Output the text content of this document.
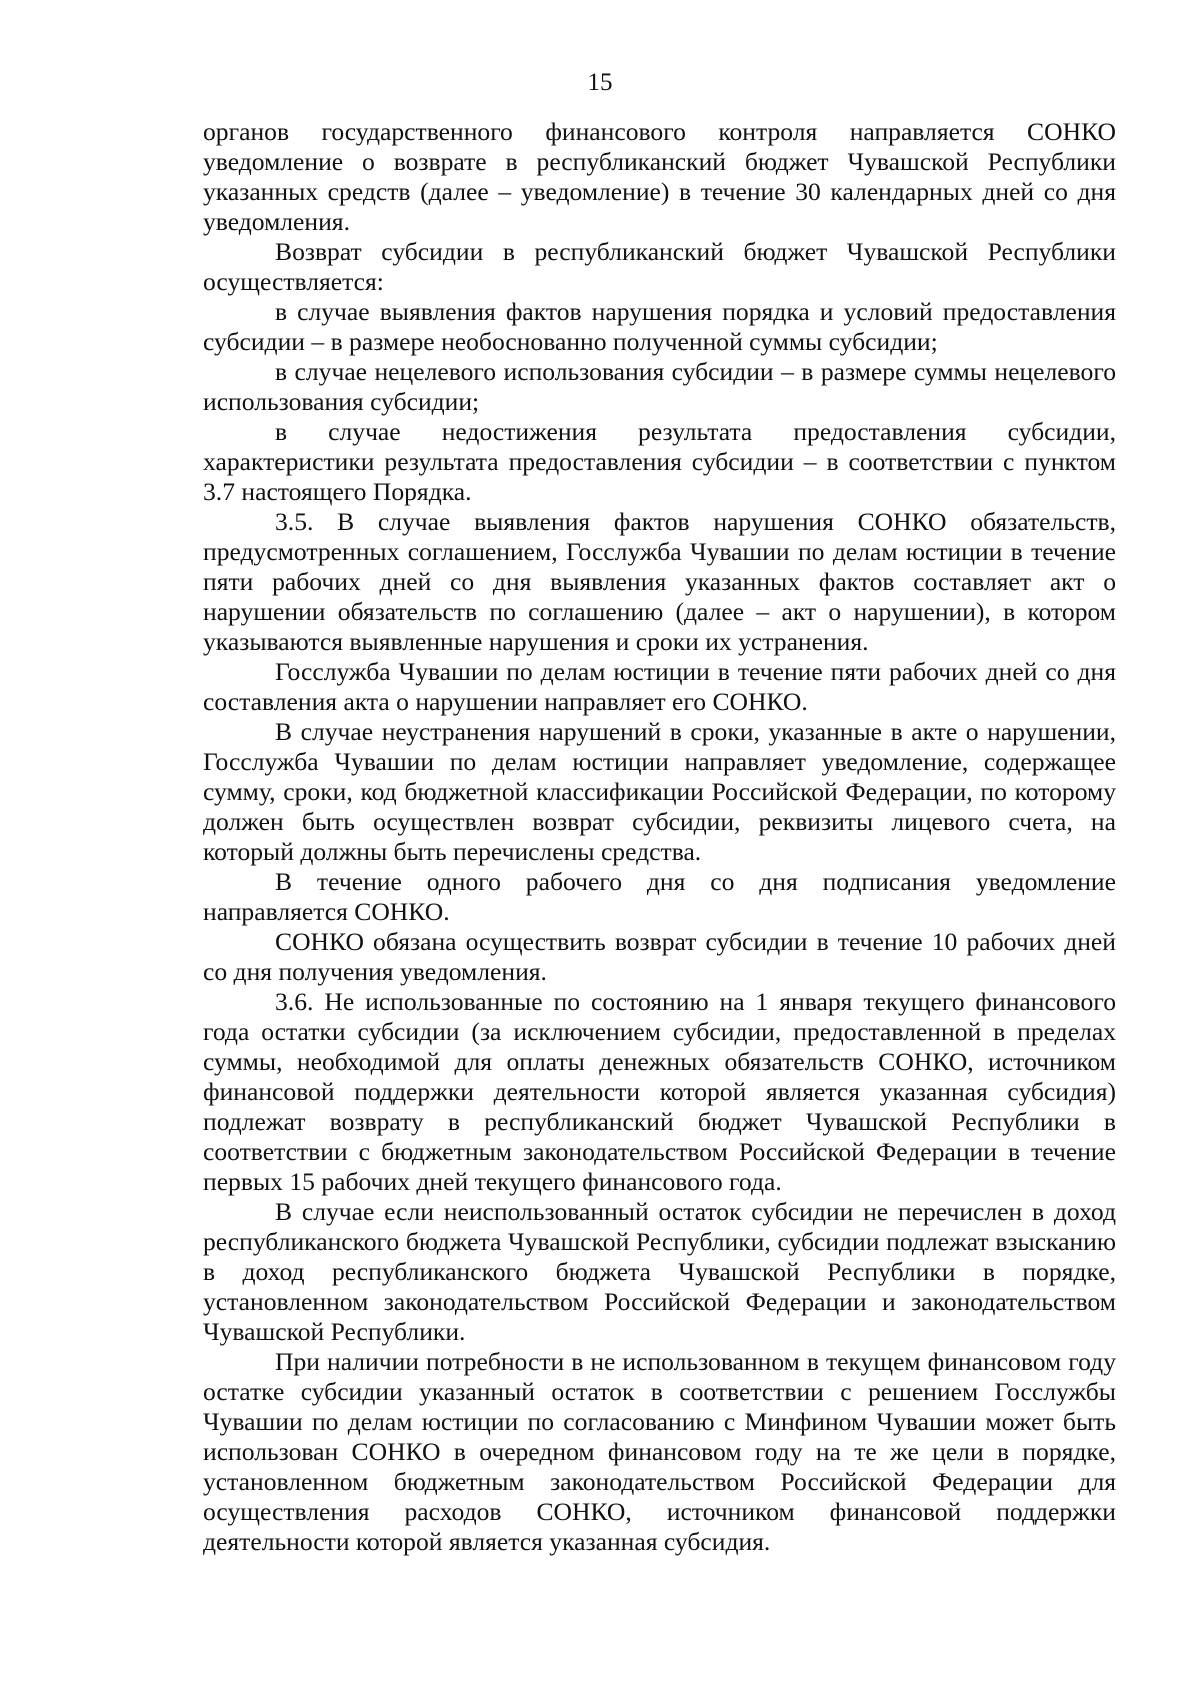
15

органов государственного финансового контроля направляется СОНКО уведомление о возврате в республиканский бюджет Чувашской Республики указанных средств (далее – уведомление) в течение 30 календарных дней со дня уведомления.

Возврат субсидии в республиканский бюджет Чувашской Республики осуществляется:

в случае выявления фактов нарушения порядка и условий предоставления субсидии – в размере необоснованно полученной суммы субсидии;

в случае нецелевого использования субсидии – в размере суммы нецелевого использования субсидии;

в случае недостижения результата предоставления субсидии, характеристики результата предоставления субсидии – в соответствии с пунктом 3.7 настоящего Порядка.

3.5. В случае выявления фактов нарушения СОНКО обязательств, предусмотренных соглашением, Госслужба Чувашии по делам юстиции в течение пяти рабочих дней со дня выявления указанных фактов составляет акт о нарушении обязательств по соглашению (далее – акт о нарушении), в котором указываются выявленные нарушения и сроки их устранения.

Госслужба Чувашии по делам юстиции в течение пяти рабочих дней со дня составления акта о нарушении направляет его СОНКО.

В случае неустранения нарушений в сроки, указанные в акте о нарушении, Госслужба Чувашии по делам юстиции направляет уведомление, содержащее сумму, сроки, код бюджетной классификации Российской Федерации, по которому должен быть осуществлен возврат субсидии, реквизиты лицевого счета, на который должны быть перечислены средства.

В течение одного рабочего дня со дня подписания уведомление направляется СОНКО.

СОНКО обязана осуществить возврат субсидии в течение 10 рабочих дней со дня получения уведомления.

3.6. Не использованные по состоянию на 1 января текущего финансового года остатки субсидии (за исключением субсидии, предоставленной в пределах суммы, необходимой для оплаты денежных обязательств СОНКО, источником финансовой поддержки деятельности которой является указанная субсидия) подлежат возврату в республиканский бюджет Чувашской Республики в соответствии с бюджетным законодательством Российской Федерации в течение первых 15 рабочих дней текущего финансового года.

В случае если неиспользованный остаток субсидии не перечислен в доход республиканского бюджета Чувашской Республики, субсидии подлежат взысканию в доход республиканского бюджета Чувашской Республики в порядке, установленном законодательством Российской Федерации и законодательством Чувашской Республики.

При наличии потребности в не использованном в текущем финансовом году остатке субсидии указанный остаток в соответствии с решением Госслужбы Чувашии по делам юстиции по согласованию с Минфином Чувашии может быть использован СОНКО в очередном финансовом году на те же цели в порядке, установленном бюджетным законодательством Российской Федерации для осуществления расходов СОНКО, источником финансовой поддержки деятельности которой является указанная субсидия.
